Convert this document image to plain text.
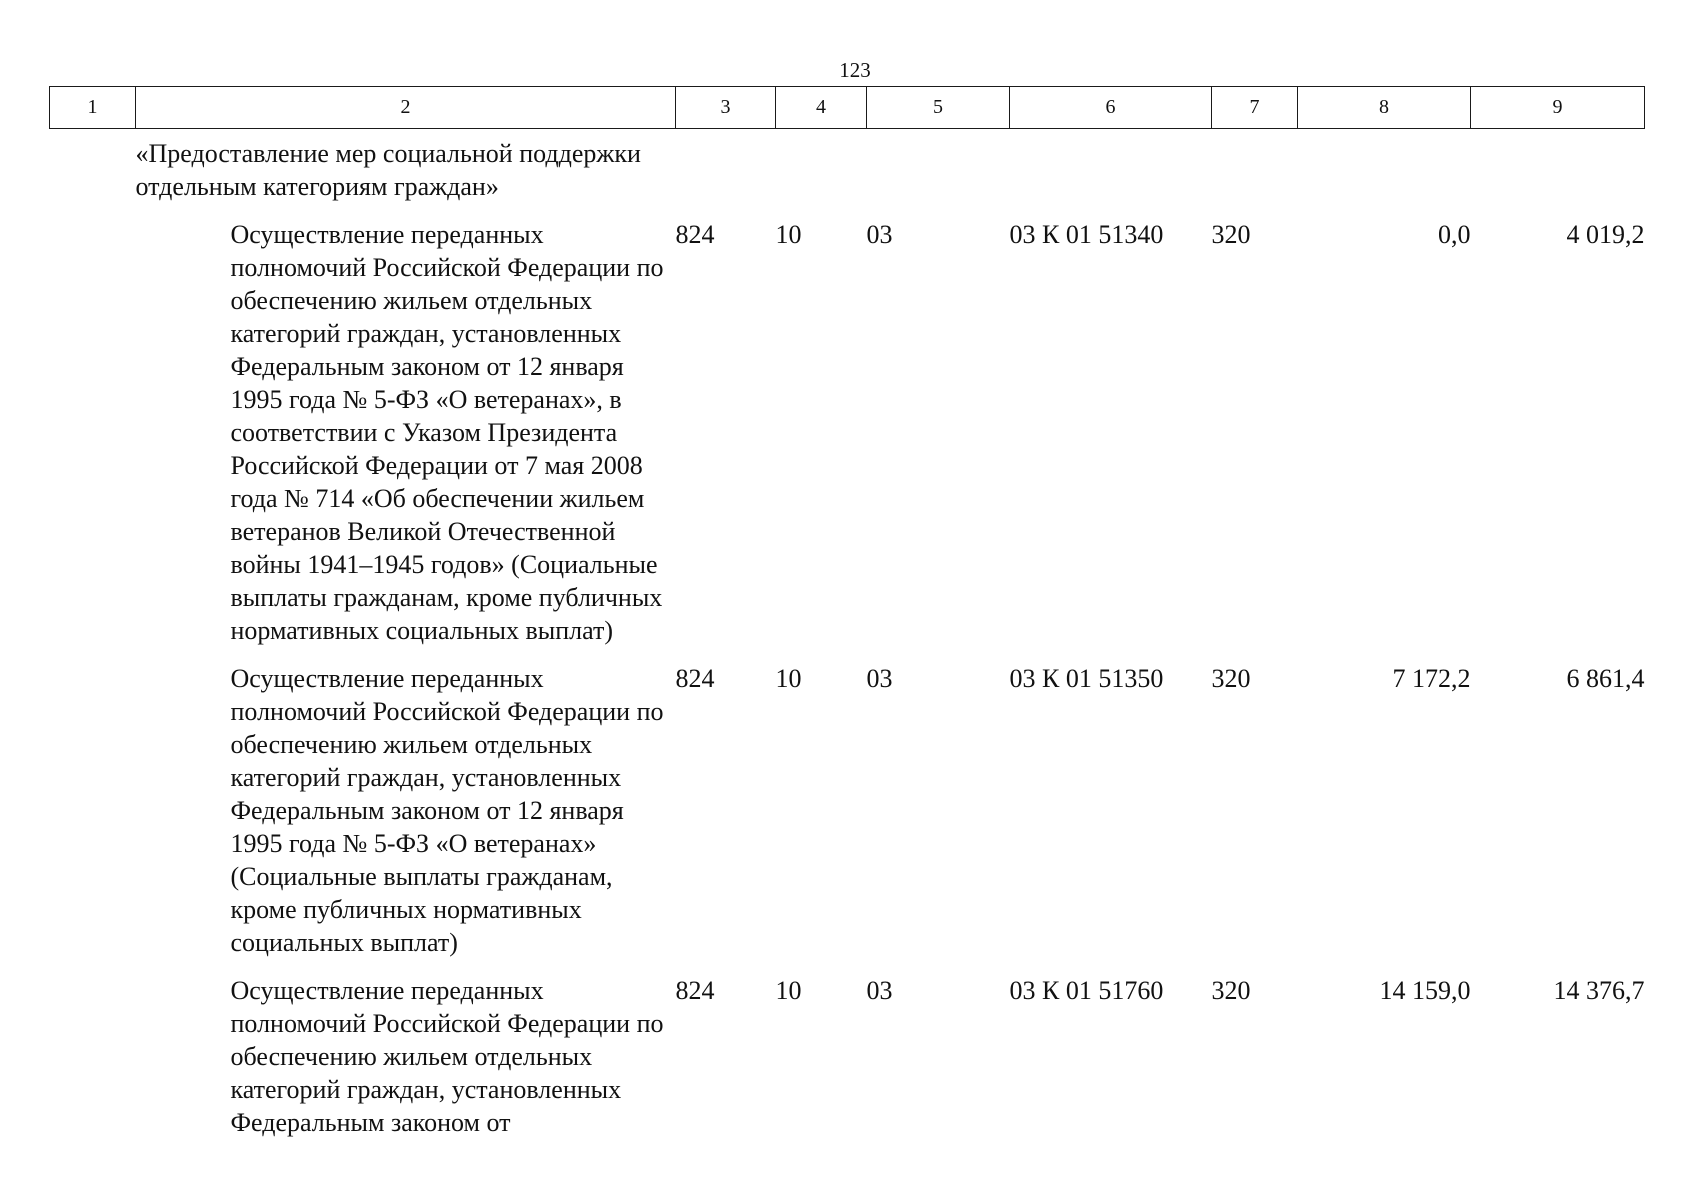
123
1	2	3	4	5	6	7	8	9
	«Предоставление мер социальной поддержки отдельным категориям граждан»							
	Осуществление переданных полномочий Российской Федерации по обеспечению жильем отдельных категорий граждан, установленных Федеральным законом от 12 января 1995 года № 5-ФЗ «О ветеранах», в соответствии с Указом Президента Российской Федерации от 7 мая 2008 года № 714 «Об обеспечении жильем ветеранов Великой Отечественной войны 1941–1945 годов» (Социальные выплаты гражданам, кроме публичных нормативных социальных выплат)	824	10	03	03 К 01 51340	320	0,0	4 019,2
	Осуществление переданных полномочий Российской Федерации по обеспечению жильем отдельных категорий граждан, установленных Федеральным законом от 12 января 1995 года № 5-ФЗ «О ветеранах» (Социальные выплаты гражданам, кроме публичных нормативных социальных выплат)	824	10	03	03 К 01 51350	320	7 172,2	6 861,4
	Осуществление переданных полномочий Российской Федерации по обеспечению жильем отдельных категорий граждан, установленных Федеральным законом от	824	10	03	03 К 01 51760	320	14 159,0	14 376,7
